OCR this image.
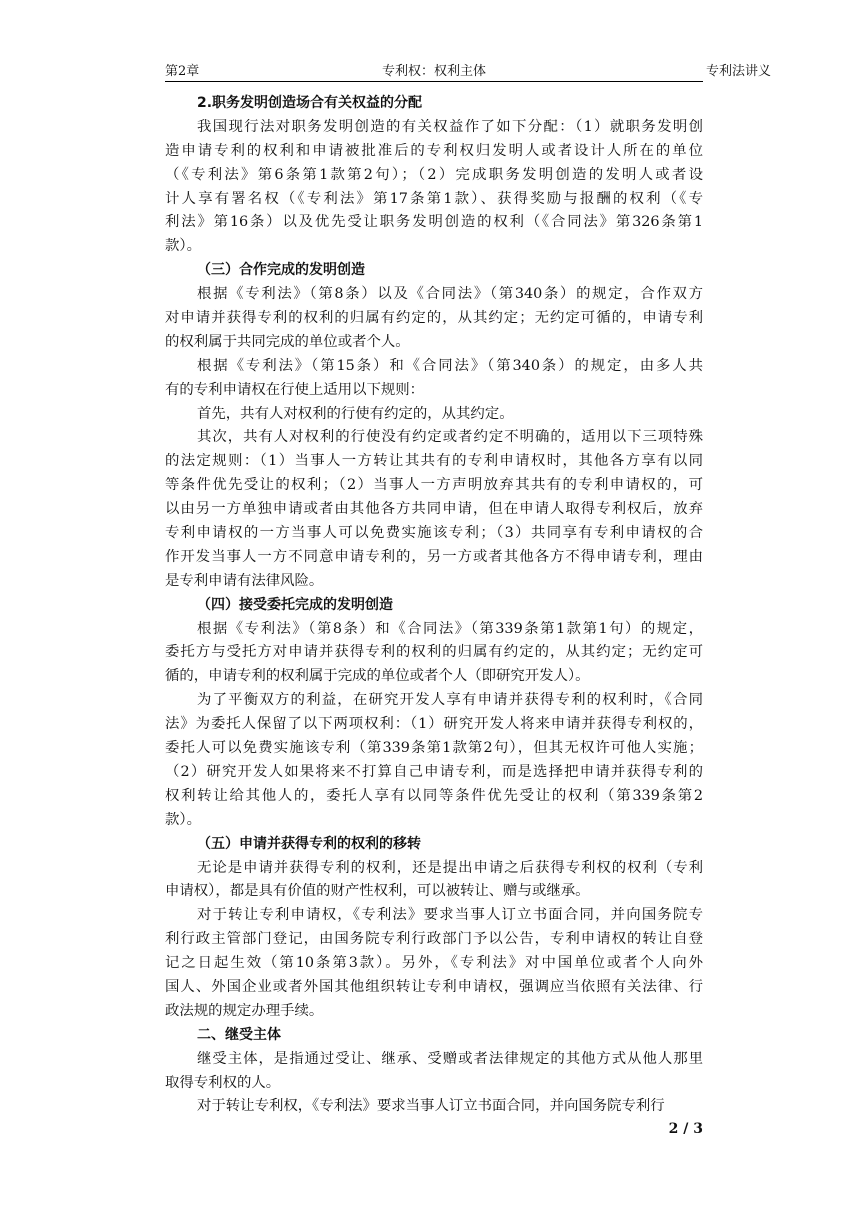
第2章	专利权：权利主体	专利法讲义
2.职务发明创造场合有关权益的分配
我国现行法对职务发明创造的有关权益作了如下分配：（1）就职务发明创
造申请专利的权利和申请被批准后的专利权归发明人或者设计人所在的单位
（《专利法》第6条第1款第2句）；（2）完成职务发明创造的发明人或者设
计人享有署名权（《专利法》第17条第1款）、获得奖励与报酬的权利（《专
利法》第16条）以及优先受让职务发明创造的权利（《合同法》第326条第1
款）。
（三）合作完成的发明创造
根据《专利法》（第8条）以及《合同法》（第340条）的规定，合作双方
对申请并获得专利的权利的归属有约定的，从其约定；无约定可循的，申请专利
的权利属于共同完成的单位或者个人。
根据《专利法》（第15条）和《合同法》（第340条）的规定，由多人共
有的专利申请权在行使上适用以下规则：
首先，共有人对权利的行使有约定的，从其约定。
其次，共有人对权利的行使没有约定或者约定不明确的，适用以下三项特殊
的法定规则：（1）当事人一方转让其共有的专利申请权时，其他各方享有以同
等条件优先受让的权利；（2）当事人一方声明放弃其共有的专利申请权的，可
以由另一方单独申请或者由其他各方共同申请，但在申请人取得专利权后，放弃
专利申请权的一方当事人可以免费实施该专利；（3）共同享有专利申请权的合
作开发当事人一方不同意申请专利的，另一方或者其他各方不得申请专利，理由
是专利申请有法律风险。
（四）接受委托完成的发明创造
根据《专利法》（第8条）和《合同法》（第339条第1款第1句）的规定，
委托方与受托方对申请并获得专利的权利的归属有约定的，从其约定；无约定可
循的，申请专利的权利属于完成的单位或者个人（即研究开发人）。
为了平衡双方的利益，在研究开发人享有申请并获得专利的权利时，《合同
法》为委托人保留了以下两项权利：（1）研究开发人将来申请并获得专利权的，
委托人可以免费实施该专利（第339条第1款第2句），但其无权许可他人实施；
（2）研究开发人如果将来不打算自己申请专利，而是选择把申请并获得专利的
权利转让给其他人的，委托人享有以同等条件优先受让的权利（第339条第2
款）。
（五）申请并获得专利的权利的移转
无论是申请并获得专利的权利，还是提出申请之后获得专利权的权利（专利
申请权），都是具有价值的财产性权利，可以被转让、赠与或继承。
对于转让专利申请权，《专利法》要求当事人订立书面合同，并向国务院专
利行政主管部门登记，由国务院专利行政部门予以公告，专利申请权的转让自登
记之日起生效（第10条第3款）。另外，《专利法》对中国单位或者个人向外
国人、外国企业或者外国其他组织转让专利申请权，强调应当依照有关法律、行
政法规的规定办理手续。
二、继受主体
继受主体，是指通过受让、继承、受赠或者法律规定的其他方式从他人那里
取得专利权的人。
对于转让专利权，《专利法》要求当事人订立书面合同，并向国务院专利行
2 / 3
